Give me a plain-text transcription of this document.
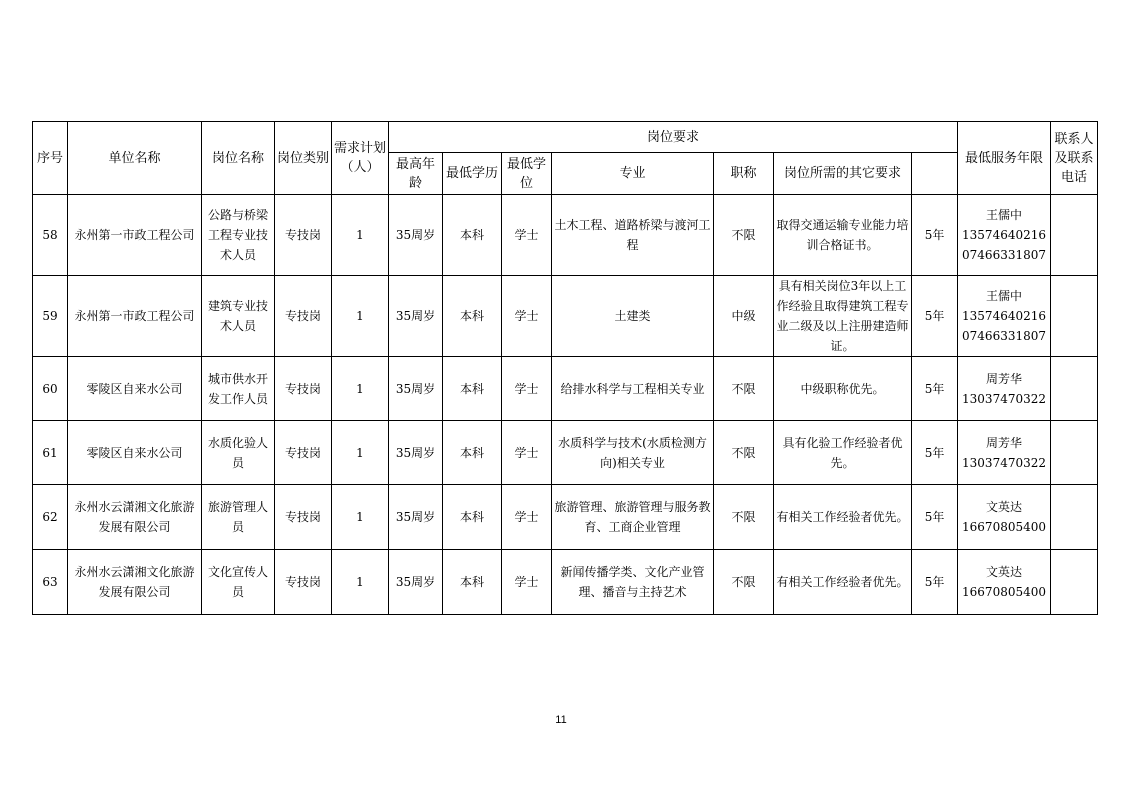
序号	单位名称	岗位名称	岗位类别	需求计划（人）	岗位要求							最低服务年限	联系人及联系电话	
					最高年龄	最低学历	最低学位	专业	职称	岗位所需的其它要求				
58	永州第一市政工程公司	公路与桥梁工程专业技术人员	专技岗	1	35周岁	本科	学士	土木工程、道路桥梁与渡河工程	不限	取得交通运输专业能力培训合格证书。	5年	王儒中
13574640216
07466331807		

59	永州第一市政工程公司	建筑专业技术人员	专技岗	1	35周岁	本科	学士	土建类	中级	具有相关岗位3年以上工作经验且取得建筑工程专业二级及以上注册建造师证。	5年	王儒中
13574640216
07466331807		

60	零陵区自来水公司	城市供水开发工作人员	专技岗	1	35周岁	本科	学士	给排水科学与工程相关专业	不限	中级职称优先。	5年	周芳华
13037470322		

61	零陵区自来水公司	水质化验人员	专技岗	1	35周岁	本科	学士	水质科学与技术(水质检测方向)相关专业	不限	具有化验工作经验者优先。	5年	周芳华
13037470322		

62	永州水云潇湘文化旅游发展有限公司	旅游管理人员	专技岗	1	35周岁	本科	学士	旅游管理、旅游管理与服务教育、工商企业管理	不限	有相关工作经验者优先。	5年	文英达
16670805400		

63	永州水云潇湘文化旅游发展有限公司	文化宣传人员	专技岗	1	35周岁	本科	学士	新闻传播学类、文化产业管理、播音与主持艺术	不限	有相关工作经验者优先。	5年	文英达
16670805400		

11
